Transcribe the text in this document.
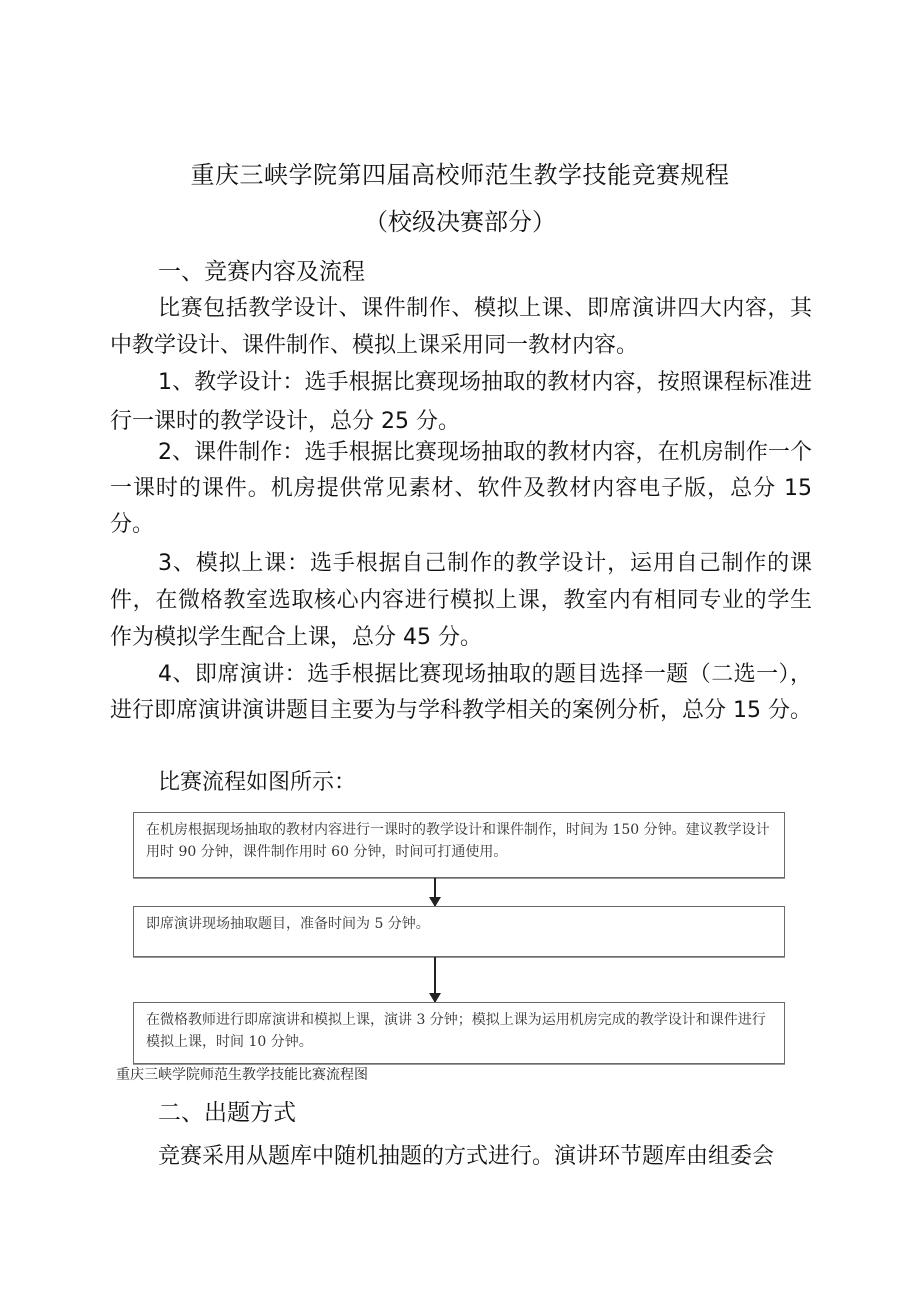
重庆三峡学院第四届高校师范生教学技能竞赛规程
（校级决赛部分）
一、竞赛内容及流程
比赛包括教学设计、课件制作、模拟上课、即席演讲四大内容，其中教学设计、课件制作、模拟上课采用同一教材内容。
1、教学设计：选手根据比赛现场抽取的教材内容，按照课程标准进行一课时的教学设计，总分 25 分。
2、课件制作：选手根据比赛现场抽取的教材内容，在机房制作一个一课时的课件。机房提供常见素材、软件及教材内容电子版，总分 15 分。
3、模拟上课：选手根据自己制作的教学设计，运用自己制作的课件，在微格教室选取核心内容进行模拟上课，教室内有相同专业的学生作为模拟学生配合上课，总分 45 分。
4、即席演讲：选手根据比赛现场抽取的题目选择一题（二选一），进行即席演讲演讲题目主要为与学科教学相关的案例分析，总分 15 分。
比赛流程如图所示：
在机房根据现场抽取的教材内容进行一课时的教学设计和课件制作，时间为 150 分钟。建议教学设计用时 90 分钟，课件制作用时 60 分钟，时间可打通使用。
即席演讲现场抽取题目，准备时间为 5 分钟。
在微格教师进行即席演讲和模拟上课，演讲 3 分钟；模拟上课为运用机房完成的教学设计和课件进行模拟上课，时间 10 分钟。
重庆三峡学院师范生教学技能比赛流程图
二、出题方式
竞赛采用从题库中随机抽题的方式进行。演讲环节题库由组委会
